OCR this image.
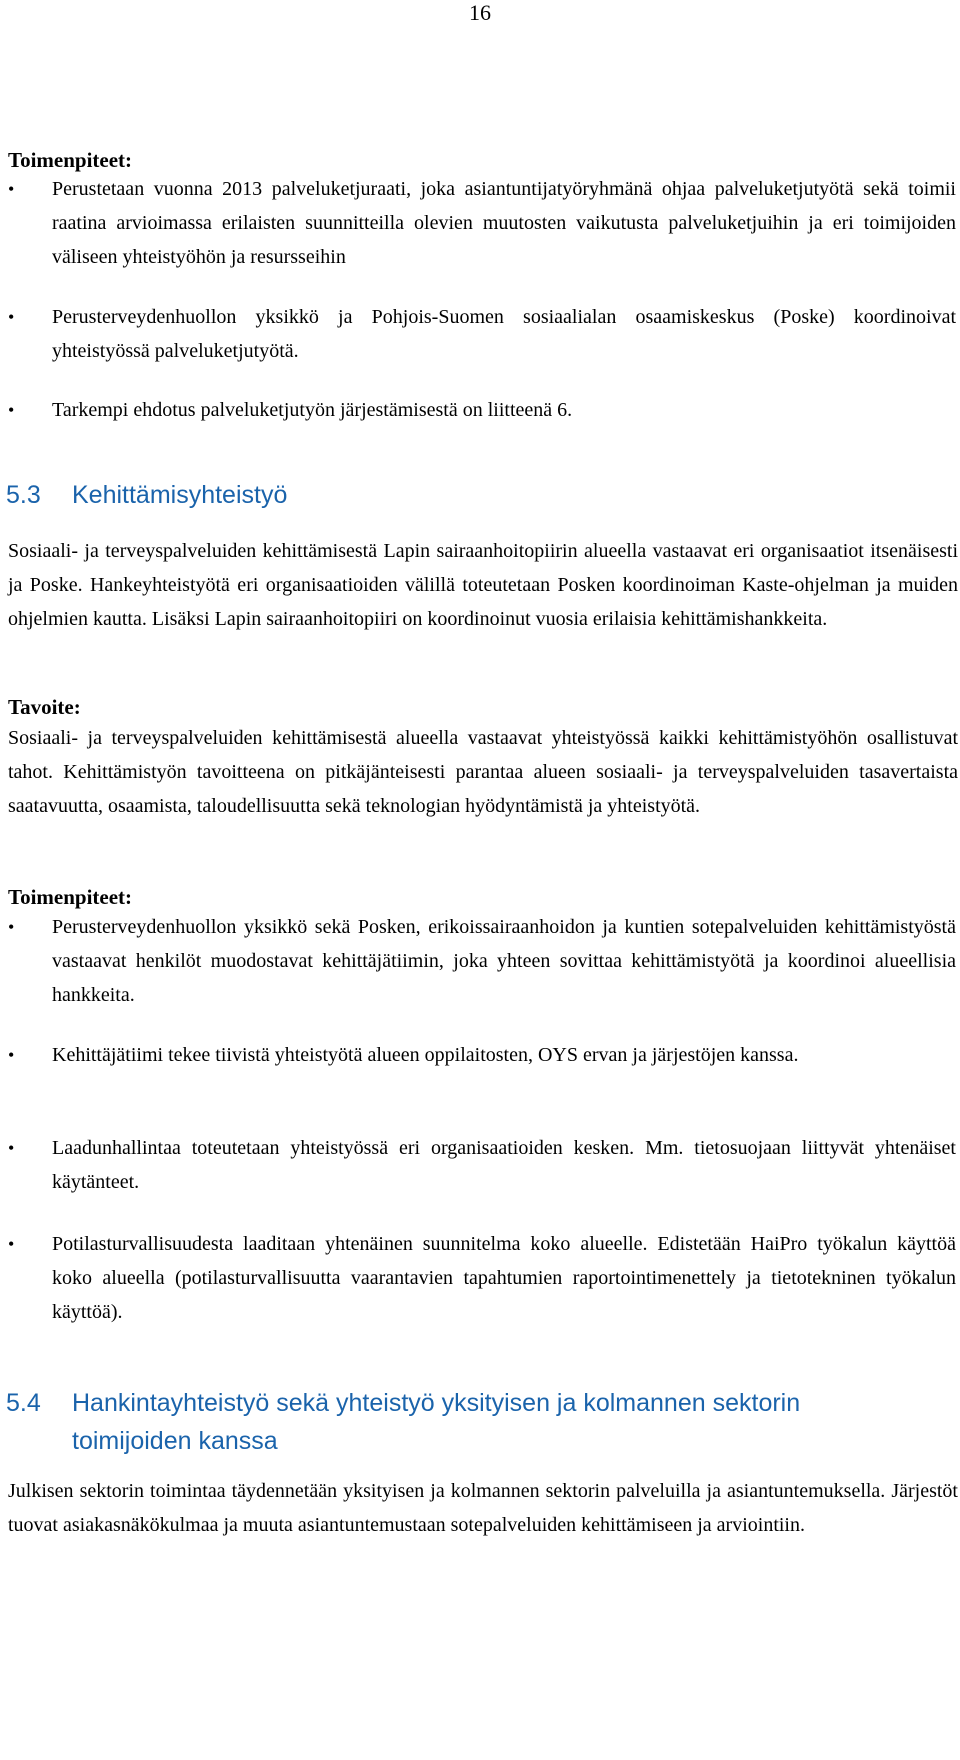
16
Toimenpiteet:
• Perustetaan vuonna 2013 palveluketjuraati, joka asiantuntijatyöryhmänä ohjaa palveluketjutyötä sekä toimii raatina arvioimassa erilaisten suunnitteilla olevien muutosten vaikutusta palveluketjuihin ja eri toimijoiden väliseen yhteistyöhön ja resursseihin
• Perusterveydenhuollon yksikkö ja Pohjois-Suomen sosiaalialan osaamiskeskus (Poske) koordinoivat yhteistyössä palveluketjutyötä.
• Tarkempi ehdotus palveluketjutyön järjestämisestä on liitteenä 6.
5.3 Kehittämisyhteistyö

Sosiaali- ja terveyspalveluiden kehittämisestä Lapin sairaanhoitopiirin alueella vastaavat eri organisaatiot itsenäisesti ja Poske. Hankeyhteistyötä eri organisaatioiden välillä toteutetaan Posken koordinoiman Kaste-ohjelman ja muiden ohjelmien kautta. Lisäksi Lapin sairaanhoitopiiri on koordinoinut vuosia erilaisia kehittämishankkeita.

Tavoite:

Sosiaali- ja terveyspalveluiden kehittämisestä alueella vastaavat yhteistyössä kaikki kehittämistyöhön osallistuvat tahot. Kehittämistyön tavoitteena on pitkäjänteisesti parantaa alueen sosiaali- ja terveyspalveluiden tasavertaista saatavuutta, osaamista, taloudellisuutta sekä teknologian hyödyntämistä ja yhteistyötä.

Toimenpiteet:
• Perusterveydenhuollon yksikkö sekä Posken, erikoissairaanhoidon ja kuntien sotepalveluiden kehittämistyöstä vastaavat henkilöt muodostavat kehittäjätiimin, joka yhteen sovittaa kehittämistyötä ja koordinoi alueellisia hankkeita.
• Kehittäjätiimi tekee tiivistä yhteistyötä alueen oppilaitosten, OYS ervan ja järjestöjen kanssa.
• Laadunhallintaa toteutetaan yhteistyössä eri organisaatioiden kesken. Mm. tietosuojaan liittyvät yhtenäiset käytänteet.
• Potilasturvallisuudesta laaditaan yhtenäinen suunnitelma koko alueelle. Edistetään HaiPro työkalun käyttöä koko alueella (potilasturvallisuutta vaarantavien tapahtumien raportointimenettely ja tietotekninen työkalun käyttöä).
5.4 Hankintayhteistyö sekä yhteistyö yksityisen ja kolmannen sektorin
toimijoiden kanssa

Julkisen sektorin toimintaa täydennetään yksityisen ja kolmannen sektorin palveluilla ja asiantuntemuksella. Järjestöt tuovat asiakasnäkökulmaa ja muuta asiantuntemustaan sotepalveluiden kehittämiseen ja arviointiin.
